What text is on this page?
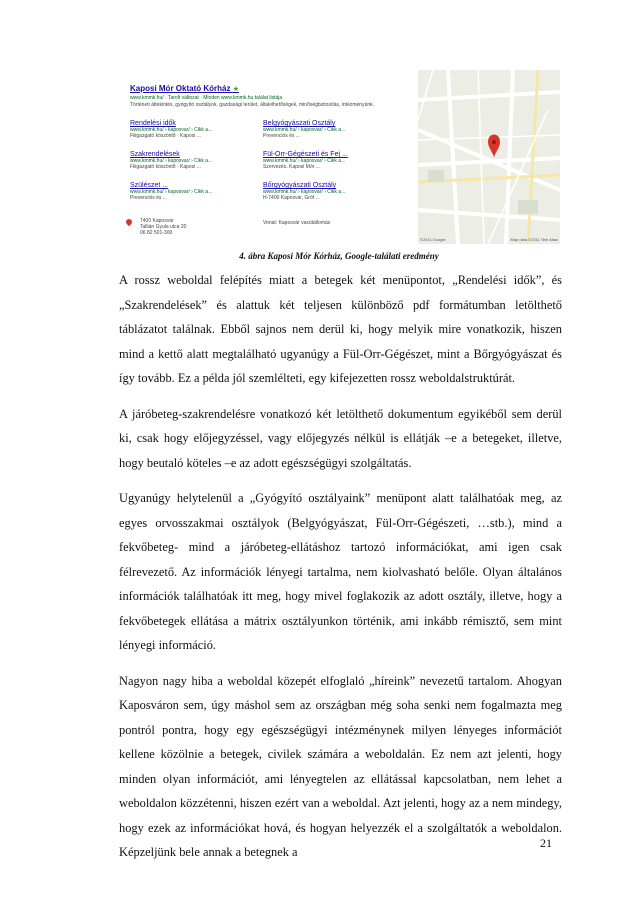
Kaposi Mór Oktató Kórház ★
www.kmmk.hu/ · Tarolt változat · Minden www.kmmk.hu találat listája
Történeti áttekintés, gyógyító osztályok, gazdasági terület, általelhetőségek, minőségbiztosítás, intézményünk.
Rendelési idők
www.kmmk.hu/ › kaposvar/ › Cikk a...
Fiiigazgató köszöntő · Kaposi ...
Belgyógyászati Osztály
www.kmmk.hu/ › kaposvar/ › Cikk a...
Prevenciós és ...
Szakrendelések
www.kmmk.hu/ › kaposvar/ › Cikk a...
Fiiigazgató köszöntő · Kaposi ...
Fül-Orr-Gégészeti és Fej ...
www.kmmk.hu/ › kaposvar/ › Cikk a...
Szervezés. Kaposi Mór ...
Szülészet ...
www.kmmk.hu/ › kaposvar/ › Cikk a...
Prevenciós és ...
Bőrgyógyászati Osztály
www.kmmk.hu/ › kaposvar/ › Cikk a...
H-7400 Kaposvár, Gróf ...
7400 Kaposvár
Tallián Gyula utca 20
06 82 501-300
Vonat: Kaposvár vasútállomás
©2011 Google	Map data ©2011 Tele Atlas
4. ábra Kaposi Mór Kórház, Google-találati eredmény

A rossz weboldal felépítés miatt a betegek két menüpontot, „Rendelési idők”, és „Szakrendelések” és alattuk két teljesen különböző pdf formátumban letölthető táblázatot találnak. Ebből sajnos nem derül ki, hogy melyik mire vonatkozik, hiszen mind a kettő alatt megtalálható ugyanúgy a Fül-Orr-Gégészet, mint a Bőrgyógyászat és így tovább. Ez a példa jól szemlélteti, egy kifejezetten rossz weboldalstruktúrát.

A járóbeteg-szakrendelésre vonatkozó két letölthető dokumentum egyikéből sem derül ki, csak hogy előjegyzéssel, vagy előjegyzés nélkül is ellátják –e a betegeket, illetve, hogy beutaló köteles –e az adott egészségügyi szolgáltatás.

Ugyanúgy helytelenül a „Gyógyító osztályaink” menüpont alatt találhatóak meg, az egyes orvosszakmai osztályok (Belgyógyászat, Fül-Orr-Gégészeti, …stb.), mind a fekvőbeteg- mind a járóbeteg-ellátáshoz tartozó információkat, ami igen csak félrevezető. Az információk lényegi tartalma, nem kiolvasható belőle. Olyan általános információk találhatóak itt meg, hogy mivel foglakozik az adott osztály, illetve, hogy a fekvőbetegek ellátása a mátrix osztályunkon történik, ami inkább rémisztő, sem mint lényegi információ.

Nagyon nagy hiba a weboldal közepét elfoglaló „híreink” nevezetű tartalom. Ahogyan Kaposváron sem, úgy máshol sem az országban még soha senki nem fogalmazta meg pontról pontra, hogy egy egészségügyi intézménynek milyen lényeges információt kellene közölnie a betegek, civilek számára a weboldalán. Ez nem azt jelenti, hogy minden olyan információt, ami lényegtelen az ellátással kapcsolatban, nem lehet a weboldalon közzétenni, hiszen ezért van a weboldal. Azt jelenti, hogy az a nem mindegy, hogy ezek az információkat hová, és hogyan helyezzék el a szolgáltatók a weboldalon. Képzeljünk bele annak a betegnek a

21
